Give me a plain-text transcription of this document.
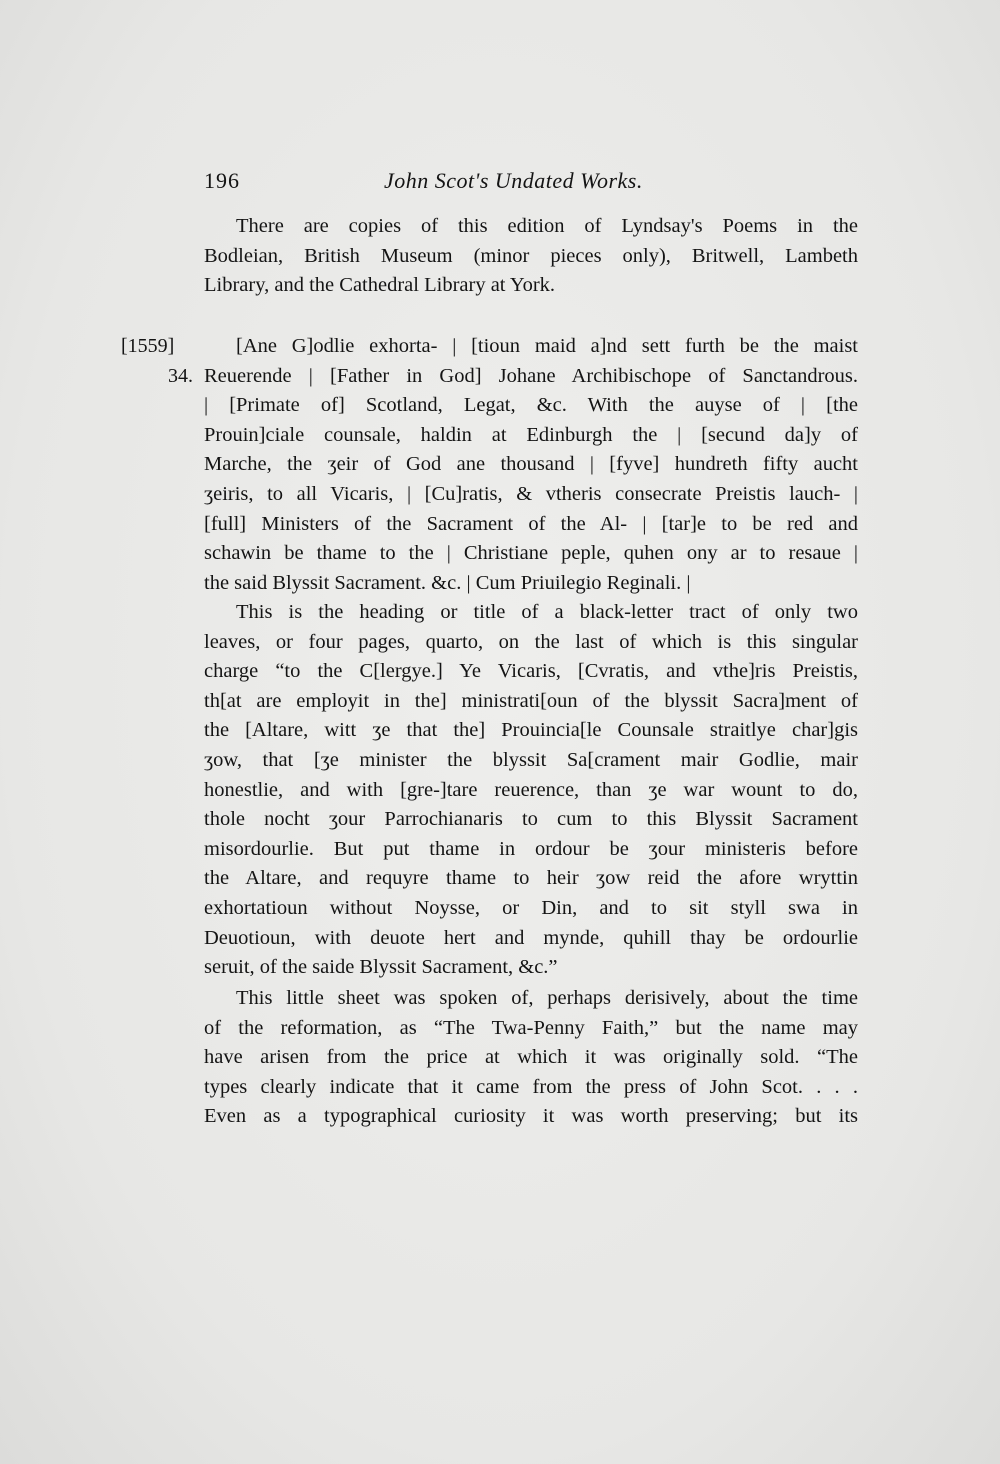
196	John Scot's Undated Works.
[1559]
34.
There are copies of this edition of Lyndsay's Poems in the
Bodleian, British Museum (minor pieces only), Britwell, Lambeth
Library, and the Cathedral Library at York.
[Ane G]odlie exhorta- | [tioun maid a]nd sett furth be the maist
Reuerende | [Father in God] Johane Archibischope of Sanctandrous.
| [Primate of] Scotland, Legat, &c. With the auyse of | [the
Prouin]ciale counsale, haldin at Edinburgh the | [secund da]y of
Marche, the ʒeir of God ane thousand | [fyve] hundreth fifty aucht
ʒeiris, to all Vicaris, | [Cu]ratis, & vtheris consecrate Preistis lauch- |
[full] Ministers of the Sacrament of the Al- | [tar]e to be red and
schawin be thame to the | Christiane peple, quhen ony ar to resaue |
the said Blyssit Sacrament. &c. | Cum Priuilegio Reginali. |
This is the heading or title of a black-letter tract of only two
leaves, or four pages, quarto, on the last of which is this singular
charge “to the C[lergye.] Ye Vicaris, [Cvratis, and vthe]ris Preistis,
th[at are employit in the] ministrati[oun of the blyssit Sacra]ment of
the [Altare, witt ʒe that the] Prouincia[le Counsale straitlye char]gis
ʒow, that [ʒe minister the blyssit Sa[crament mair Godlie, mair
honestlie, and with [gre-]tare reuerence, than ʒe war wount to do,
thole nocht ʒour Parrochianaris to cum to this Blyssit Sacrament
misordourlie. But put thame in ordour be ʒour ministeris before
the Altare, and requyre thame to heir ʒow reid the afore wryttin
exhortatioun without Noysse, or Din, and to sit styll swa in
Deuotioun, with deuote hert and mynde, quhill thay be ordourlie
seruit, of the saide Blyssit Sacrament, &c.”
This little sheet was spoken of, perhaps derisively, about the time
of the reformation, as “The Twa-Penny Faith,” but the name may
have arisen from the price at which it was originally sold. “The
types clearly indicate that it came from the press of John Scot. . . .
Even as a typographical curiosity it was worth preserving; but its
